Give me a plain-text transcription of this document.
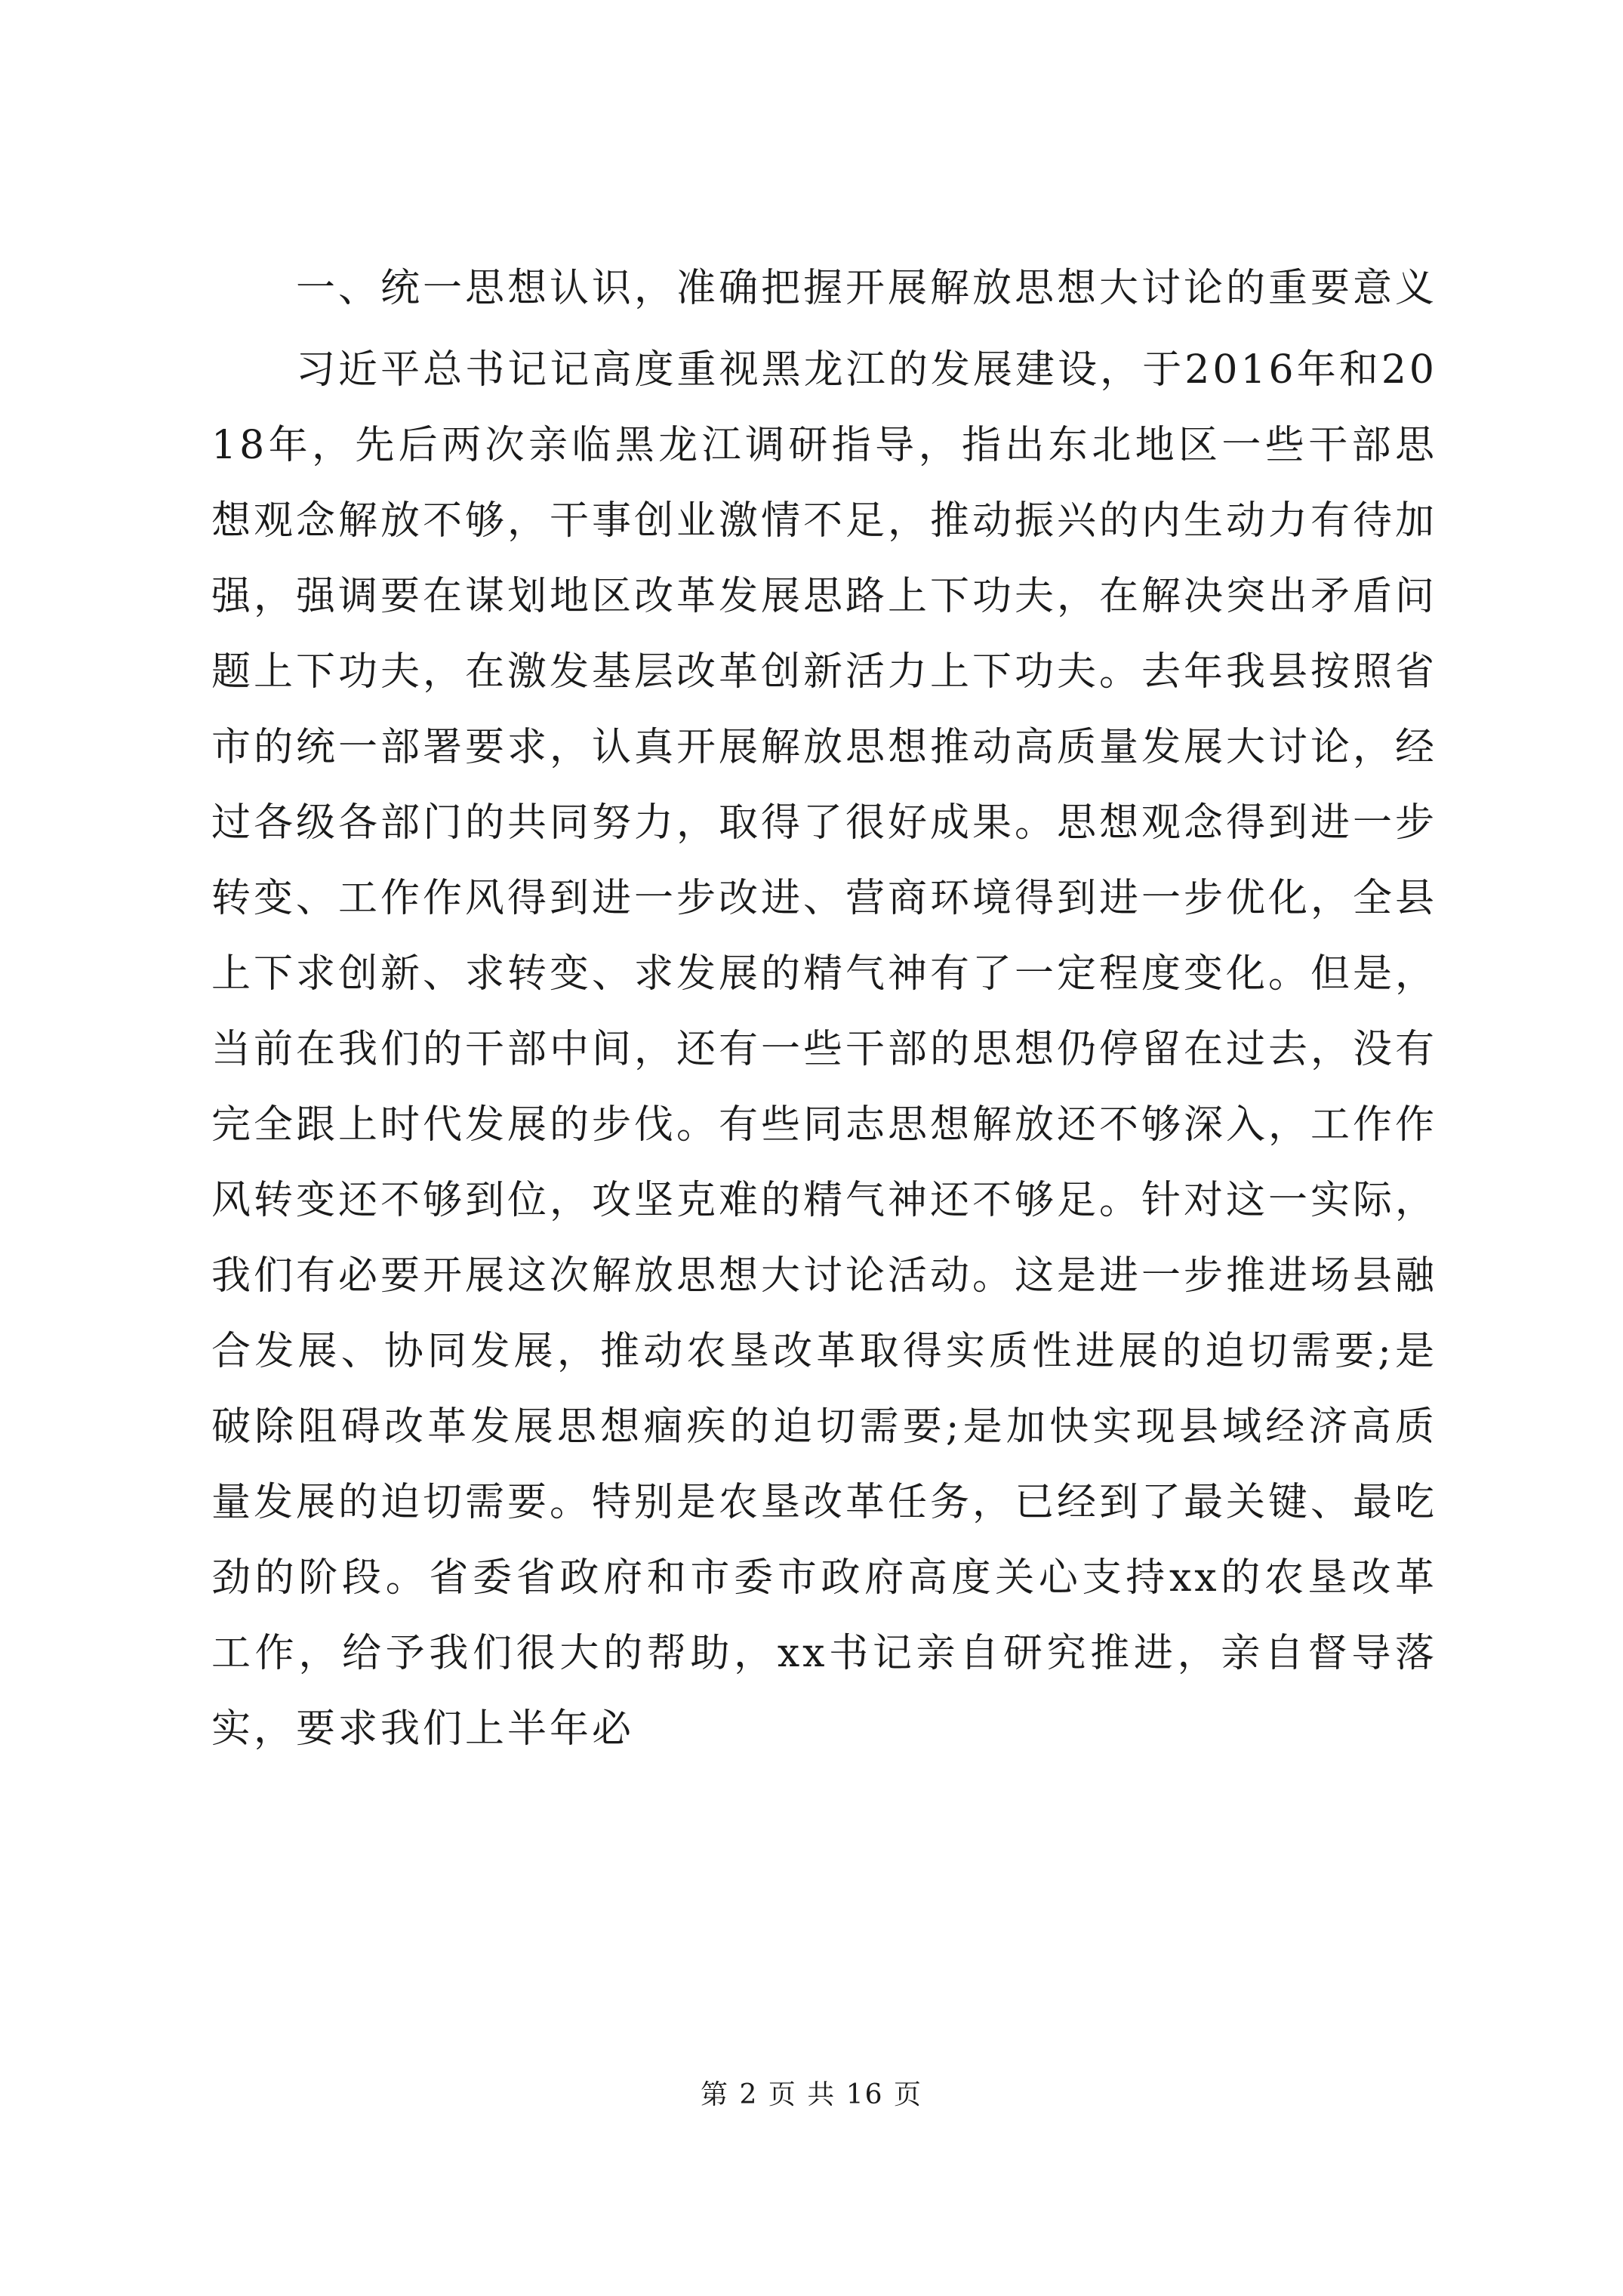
一、统一思想认识，准确把握开展解放思想大讨论的重要意义

习近平总书记记高度重视黑龙江的发展建设，于2016年和2018年，先后两次亲临黑龙江调研指导，指出东北地区一些干部思想观念解放不够，干事创业激情不足，推动振兴的内生动力有待加强，强调要在谋划地区改革发展思路上下功夫，在解决突出矛盾问题上下功夫，在激发基层改革创新活力上下功夫。去年我县按照省市的统一部署要求，认真开展解放思想推动高质量发展大讨论，经过各级各部门的共同努力，取得了很好成果。思想观念得到进一步转变、工作作风得到进一步改进、营商环境得到进一步优化，全县上下求创新、求转变、求发展的精气神有了一定程度变化。但是，当前在我们的干部中间，还有一些干部的思想仍停留在过去，没有完全跟上时代发展的步伐。有些同志思想解放还不够深入，工作作风转变还不够到位，攻坚克难的精气神还不够足。针对这一实际，我们有必要开展这次解放思想大讨论活动。这是进一步推进场县融合发展、协同发展，推动农垦改革取得实质性进展的迫切需要;是破除阻碍改革发展思想痼疾的迫切需要;是加快实现县域经济高质量发展的迫切需要。特别是农垦改革任务，已经到了最关键、最吃劲的阶段。省委省政府和市委市政府高度关心支持xx的农垦改革工作，给予我们很大的帮助，xx书记亲自研究推进，亲自督导落实，要求我们上半年必

第 2 页 共 16 页
